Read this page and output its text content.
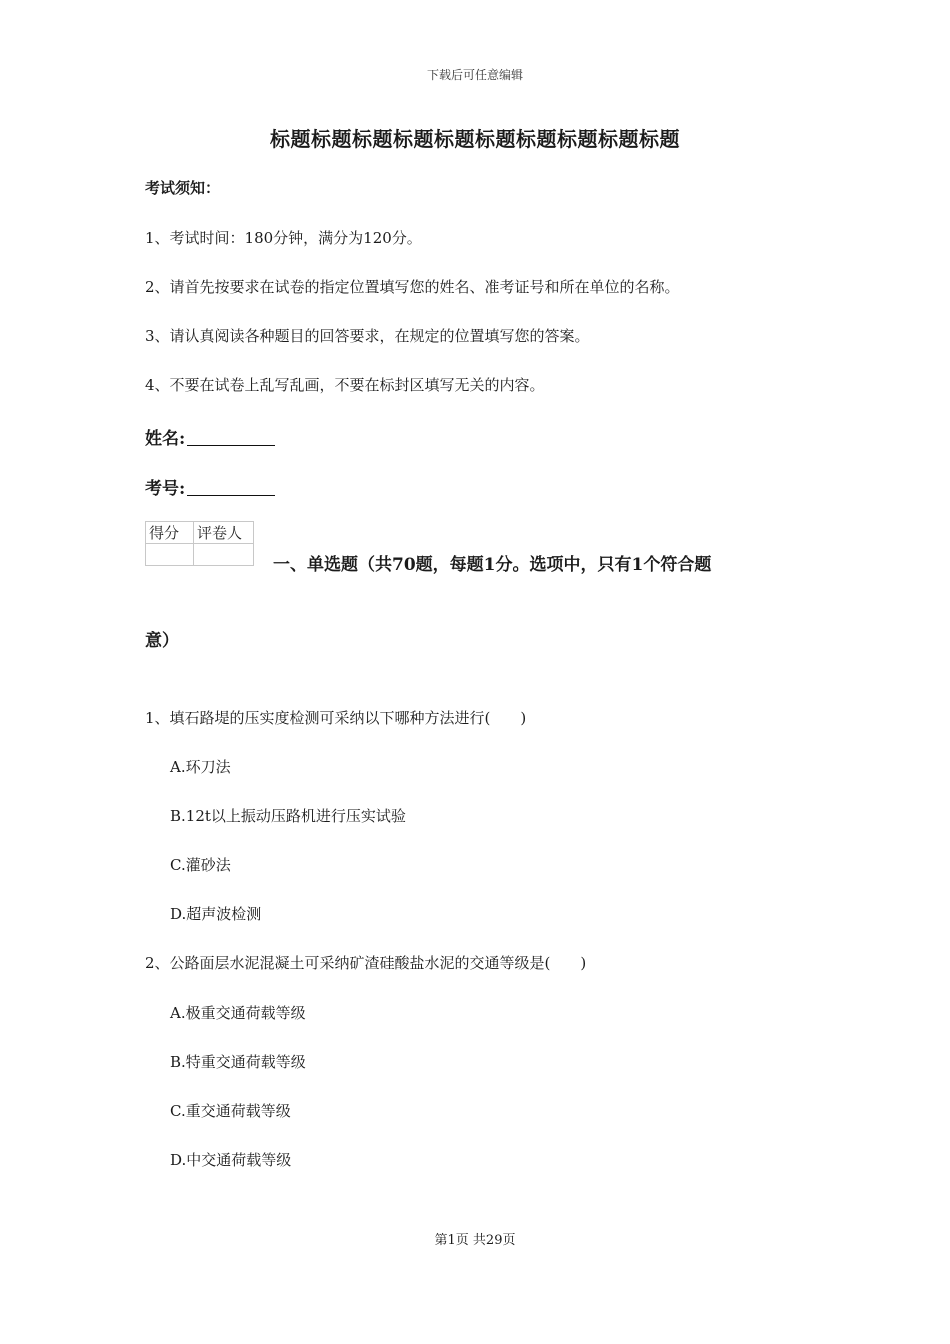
下载后可任意编辑
标题标题标题标题标题标题标题标题标题标题
考试须知：
1、考试时间：180分钟，满分为120分。
2、请首先按要求在试卷的指定位置填写您的姓名、准考证号和所在单位的名称。
3、请认真阅读各种题目的回答要求，在规定的位置填写您的答案。
4、不要在试卷上乱写乱画，不要在标封区填写无关的内容。
姓名:
考号:
得分	评卷人

一、单选题（共70题，每题1分。选项中，只有1个符合题
意）
1、填石路堤的压实度检测可采纳以下哪种方法进行(　　)
A.环刀法
B.12t以上振动压路机进行压实试验
C.灌砂法
D.超声波检测
2、公路面层水泥混凝土可采纳矿渣硅酸盐水泥的交通等级是(　　)
A.极重交通荷载等级
B.特重交通荷载等级
C.重交通荷载等级
D.中交通荷载等级
第1页 共29页
